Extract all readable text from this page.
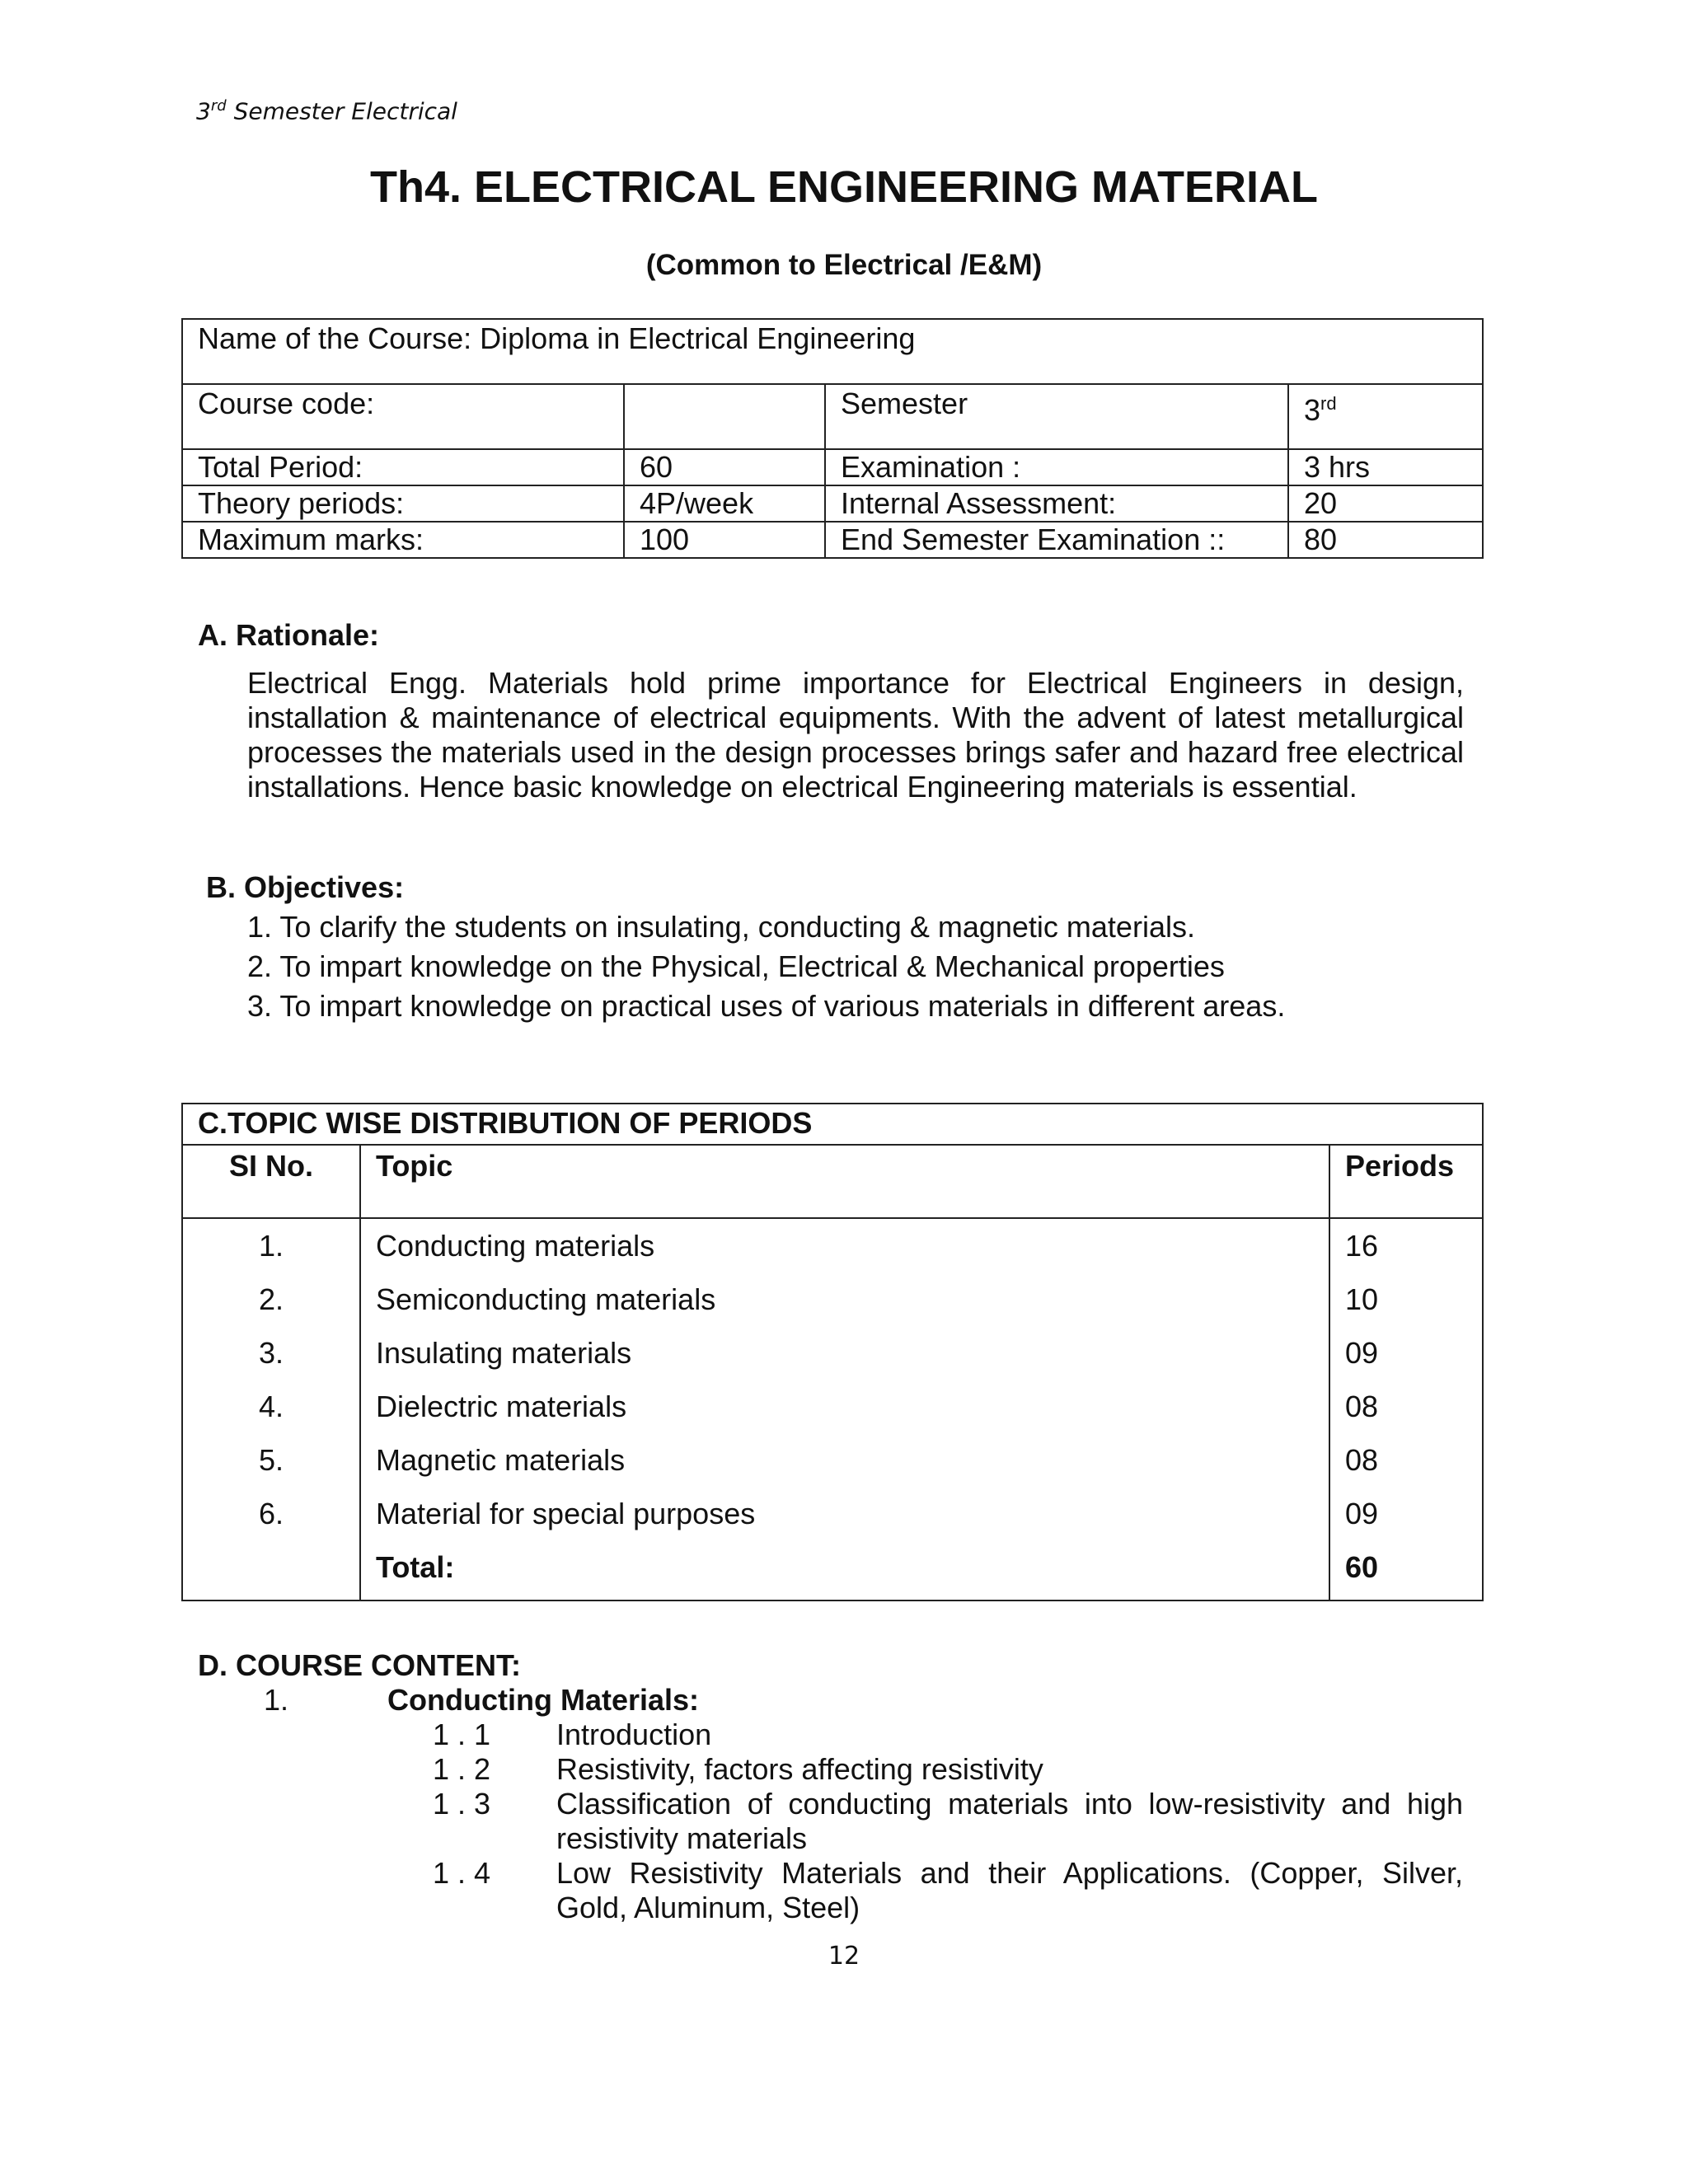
3rd Semester Electrical
Th4. ELECTRICAL ENGINEERING MATERIAL
(Common to Electrical /E&M)
Name of the Course: Diploma in Electrical Engineering			
Course code:		Semester	3rd
Total Period:	60	Examination :	3 hrs
Theory periods:	4P/week	Internal Assessment:	20
Maximum marks:	100	End Semester Examination ::	80
A. Rationale:
Electrical Engg. Materials hold prime importance for Electrical Engineers in design, installation & maintenance of electrical equipments. With the advent of latest metallurgical processes the materials used in the design processes brings safer and hazard free electrical installations. Hence basic knowledge on electrical Engineering materials is essential.
B. Objectives:
1. To clarify the students on insulating, conducting & magnetic materials.
2. To impart knowledge on the Physical, Electrical & Mechanical properties
3. To impart knowledge on practical uses of various materials in different areas.
C.TOPIC WISE DISTRIBUTION OF PERIODS		
SI No.	Topic	Periods
1.	Conducting materials	16
2.	Semiconducting materials	10
3.	Insulating materials	09
4.	Dielectric materials	08
5.	Magnetic materials	08
6.	Material for special purposes	09
	Total:	60
D. COURSE CONTENT:
1.	Conducting Materials:
1 . 1 Introduction
1 . 2 Resistivity, factors affecting resistivity
1 . 3 Classification of conducting materials into low-resistivity and high resistivity materials
1 . 4 Low Resistivity Materials and their Applications. (Copper, Silver, Gold, Aluminum, Steel)
12
